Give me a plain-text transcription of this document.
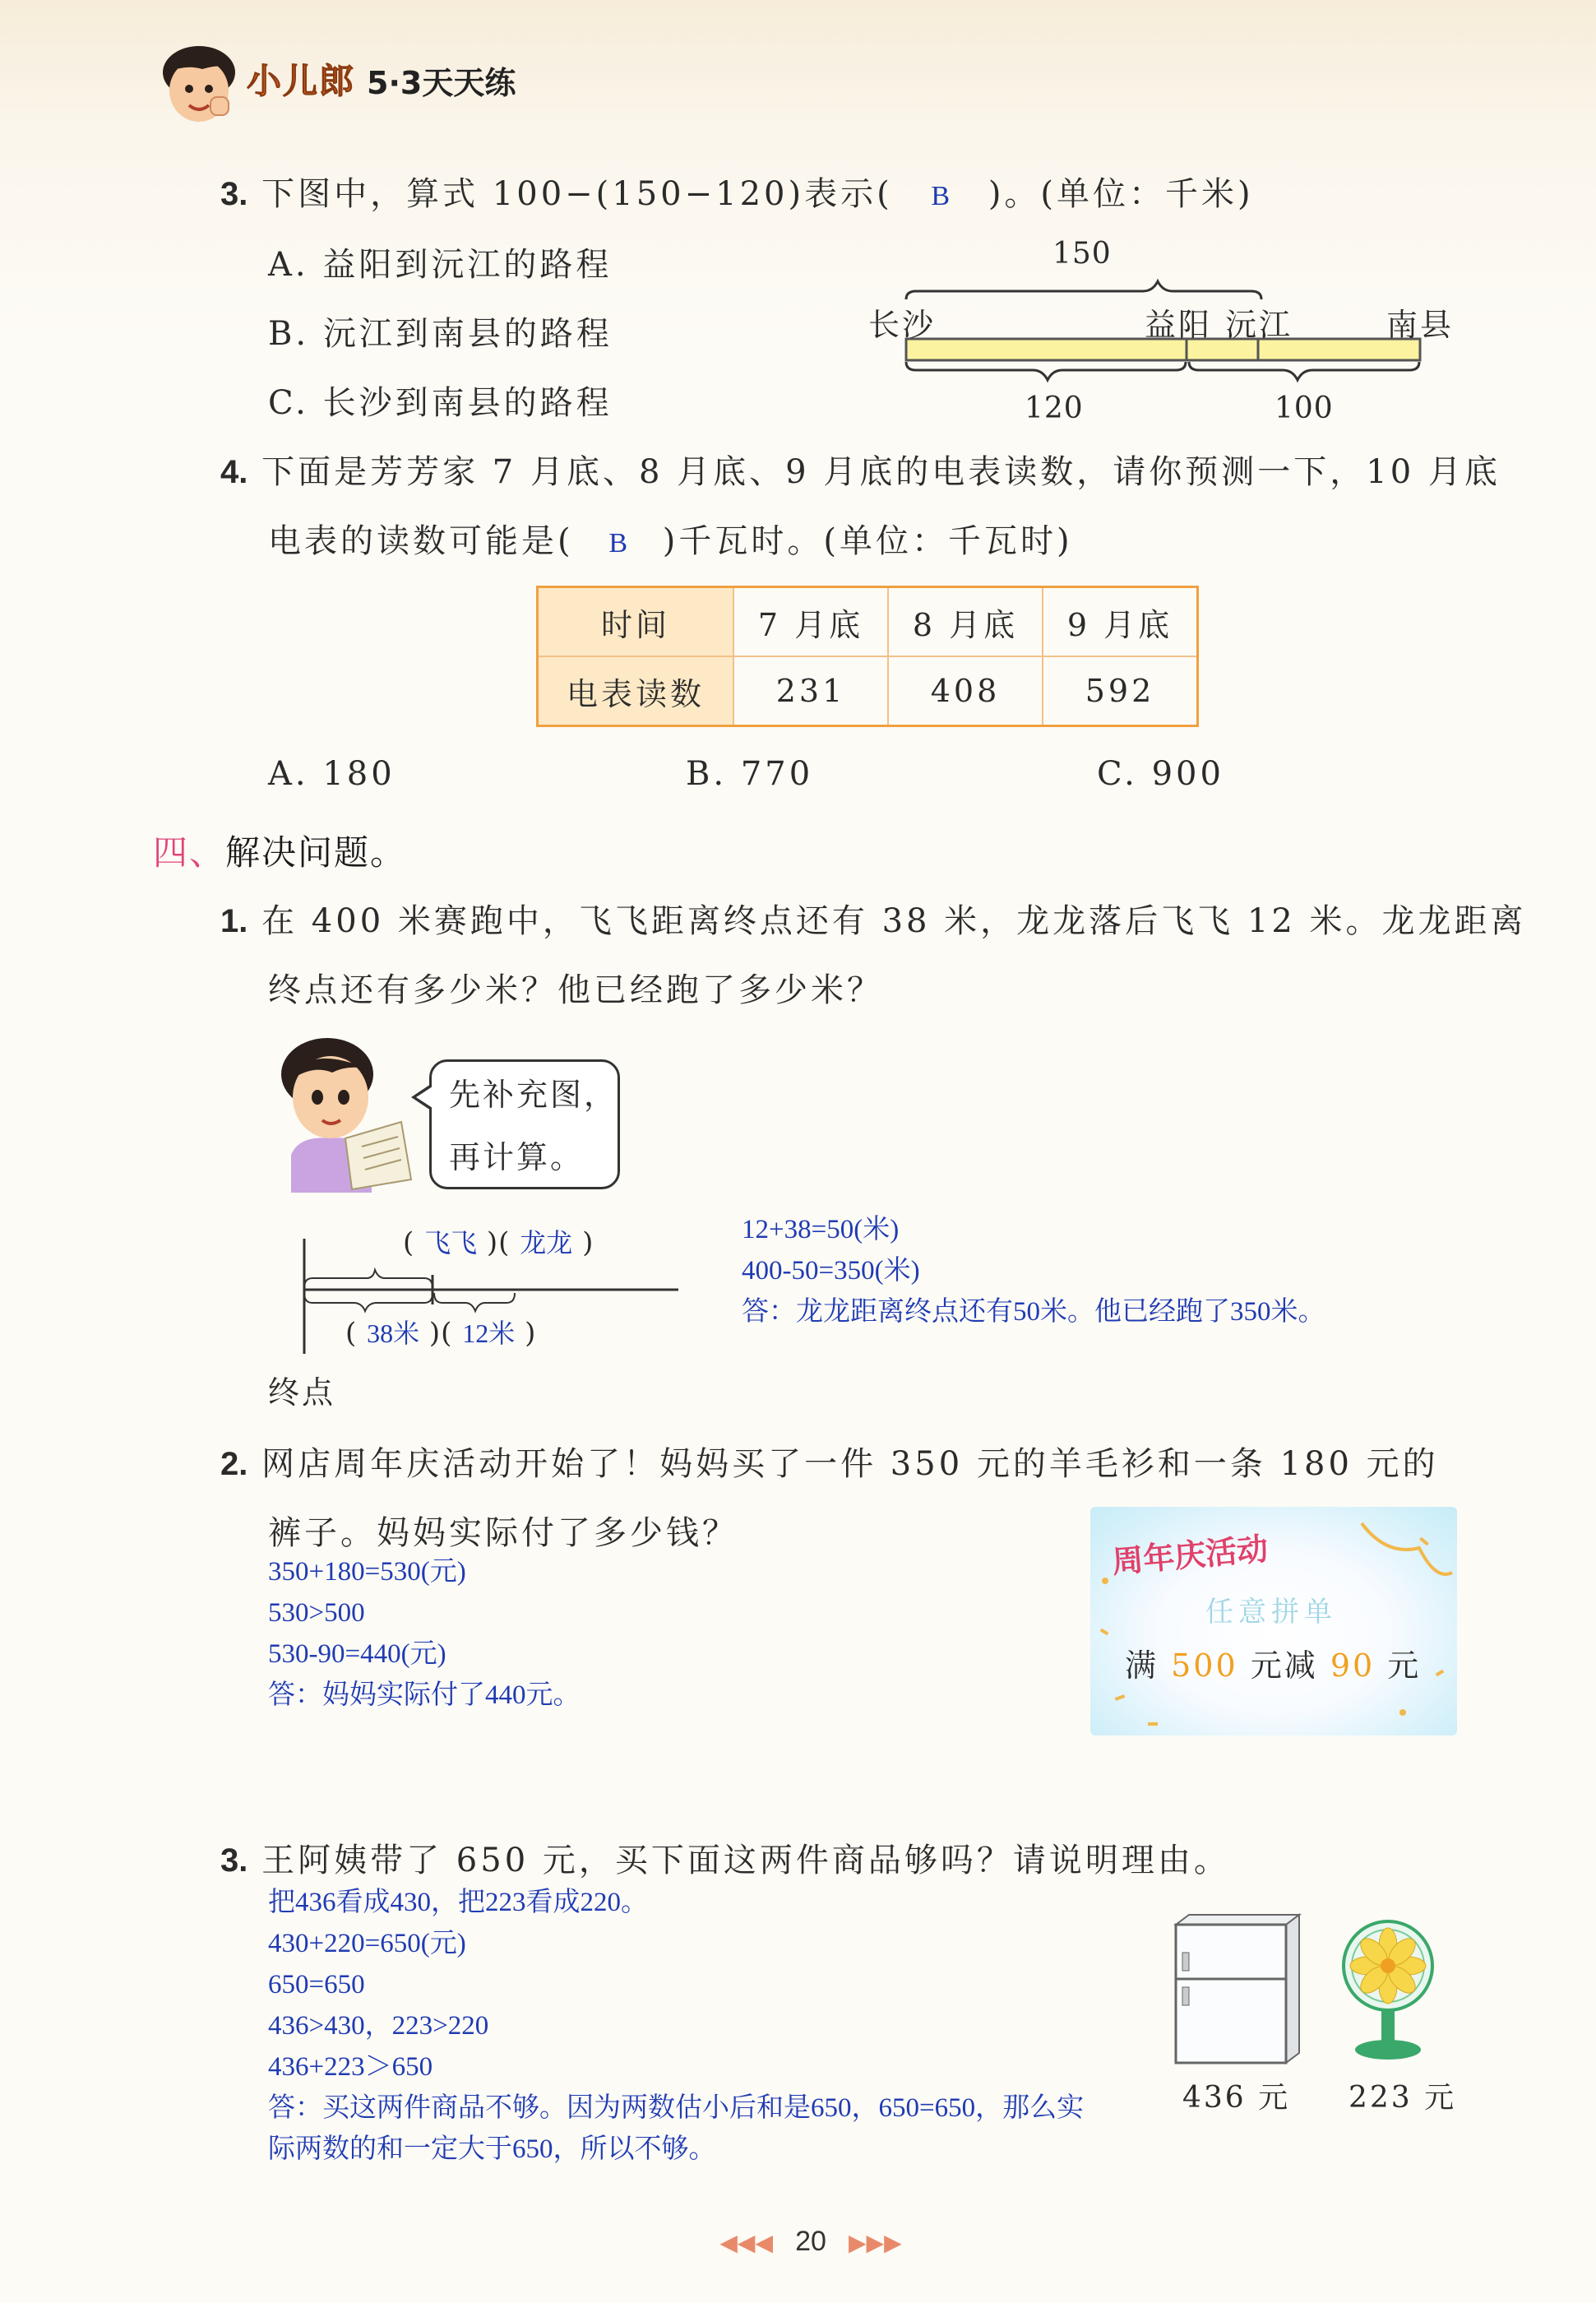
小儿郎 5·3天天练
3. 下图中，算式 100−(150−120)表示( B )。(单位：千米)
A. 益阳到沅江的路程
B. 沅江到南县的路程
C. 长沙到南县的路程
150
长沙	益阳 沅江	南县
120	100
4. 下面是芳芳家 7 月底、8 月底、9 月底的电表读数，请你预测一下，10 月底
电表的读数可能是( B )千瓦时。(单位：千瓦时)
时间	7 月底	8 月底	9 月底
电表读数	231	408	592
A. 180	B. 770	C. 900
四、解决问题。
1. 在 400 米赛跑中，飞飞距离终点还有 38 米，龙龙落后飞飞 12 米。龙龙距离
终点还有多少米？他已经跑了多少米？
先补充图，
再计算。
( 飞飞 )( 龙龙 )
( 38米 )( 12米 )
终点
12+38=50(米)
400-50=350(米)
答：龙龙距离终点还有50米。他已经跑了350米。
2. 网店周年庆活动开始了！妈妈买了一件 350 元的羊毛衫和一条 180 元的
裤子。妈妈实际付了多少钱？
350+180=530(元)
530>500
530-90=440(元)
答：妈妈实际付了440元。
周年庆活动
任意拼单
满 500 元减 90 元
3. 王阿姨带了 650 元，买下面这两件商品够吗？请说明理由。
把436看成430，把223看成220。
430+220=650(元)
650=650
436>430，223>220
436+223＞650
答：买这两件商品不够。因为两数估小后和是650，650=650，那么实
际两数的和一定大于650，所以不够。
436 元 223 元
◀◀◀ 20 ▶▶▶
